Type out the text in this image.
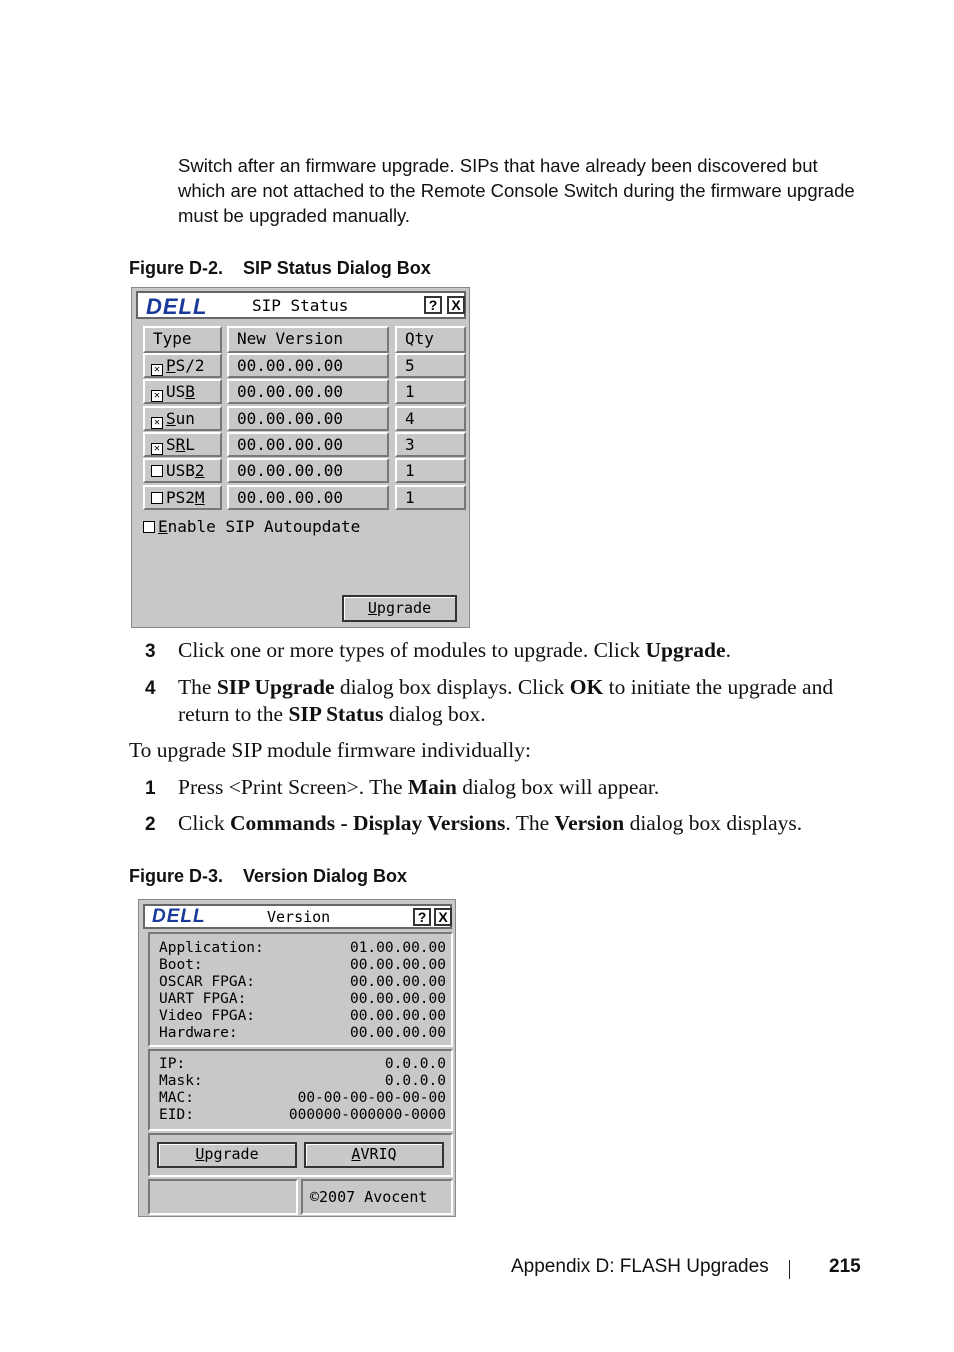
Switch after an firmware upgrade. SIPs that have already been discovered but which are not attached to the Remote Console Switch during the firmware upgrade must be upgraded manually.
Figure D-2. SIP Status Dialog Box
DELL	SIP Status	?	X
Type	New Version	Qty
Enable SIP Autoupdate
Upgrade
✕ PS/2	00.00.00.00	5
✕ USB	00.00.00.00	1
✕ Sun	00.00.00.00	4
✕ SRL	00.00.00.00	3
USB2	00.00.00.00	1
PS2M	00.00.00.00	1
To upgrade SIP module firmware individually:
Figure D-3. Version Dialog Box
DELL	Version	? X
Upgrade	AVRIQ
©2007 Avocent
Application:	01.00.00.00
Boot:	00.00.00.00
OSCAR FPGA:	00.00.00.00
UART FPGA:	00.00.00.00
Video FPGA:	00.00.00.00
Hardware:	00.00.00.00
IP:	0.0.0.0
Mask:	0.0.0.0
MAC:	00-00-00-00-00-00
EID:	000000-000000-0000
Appendix D: FLASH Upgrades	215
3 Click one or more types of modules to upgrade. Click Upgrade.
4 The SIP Upgrade dialog box displays. Click OK to initiate the upgrade and return to the SIP Status dialog box.
1 Press <Print Screen>. The Main dialog box will appear.
2 Click Commands - Display Versions. The Version dialog box displays.
